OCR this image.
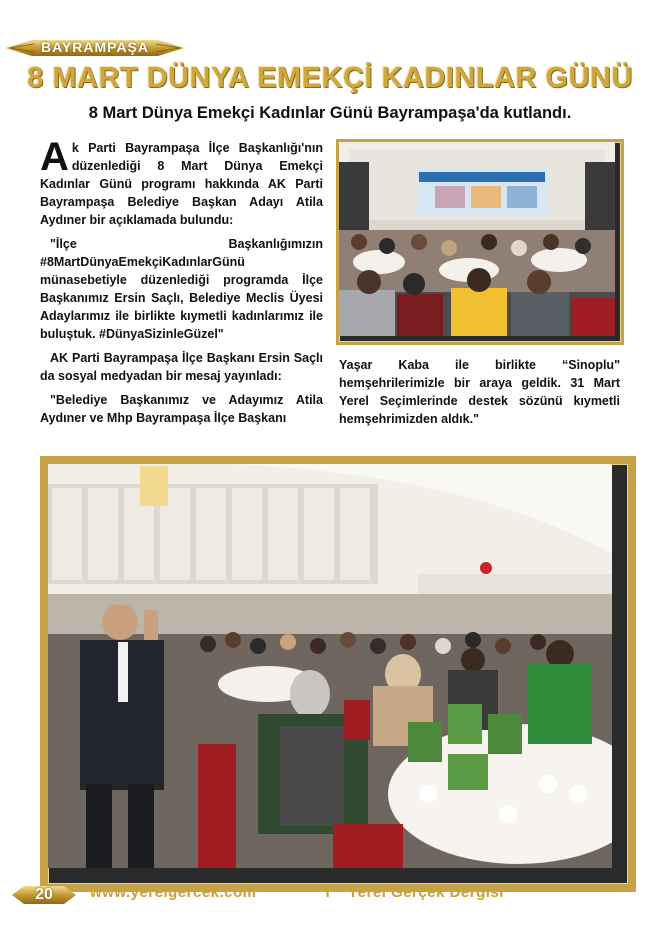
BAYRAMPAŞA
8 MART DÜNYA EMEKÇİ KADINLAR GÜNÜ
8 Mart Dünya Emekçi Kadınlar Günü Bayrampaşa'da kutlandı.

Ak Parti Bayrampaşa İlçe Başkanlığı'nın düzenlediği 8 Mart Dünya Emekçi Kadınlar Günü programı hakkında AK Parti Bayrampaşa Belediye Başkan Adayı Atila Aydıner bir açıklamada bulundu:

"İlçe Başkanlığımızın #8MartDünyaEmekçiKadınlarGünü münasebetiyle düzenlediği programda İlçe Başkanımız Ersin Saçlı, Belediye Meclis Üyesi Adaylarımız ile birlikte kıymetli kadınlarımız ile buluştuk. #DünyaSizinleGüzel"

AK Parti Bayrampaşa İlçe Başkanı Ersin Saçlı da sosyal medyadan bir mesaj yayınladı:

"Belediye Başkanımız ve Adayımız Atila Aydıner ve Mhp Bayrampaşa İlçe Başkanı

Yaşar Kaba ile birlikte “Sinoplu" hemşehrilerimizle bir araya geldik. 31 Mart Yerel Seçimlerinde destek sözünü kıymetli hemşehrimizden aldık."

20	www.yerelgercek.com	f Yerel Gerçek Dergisi
